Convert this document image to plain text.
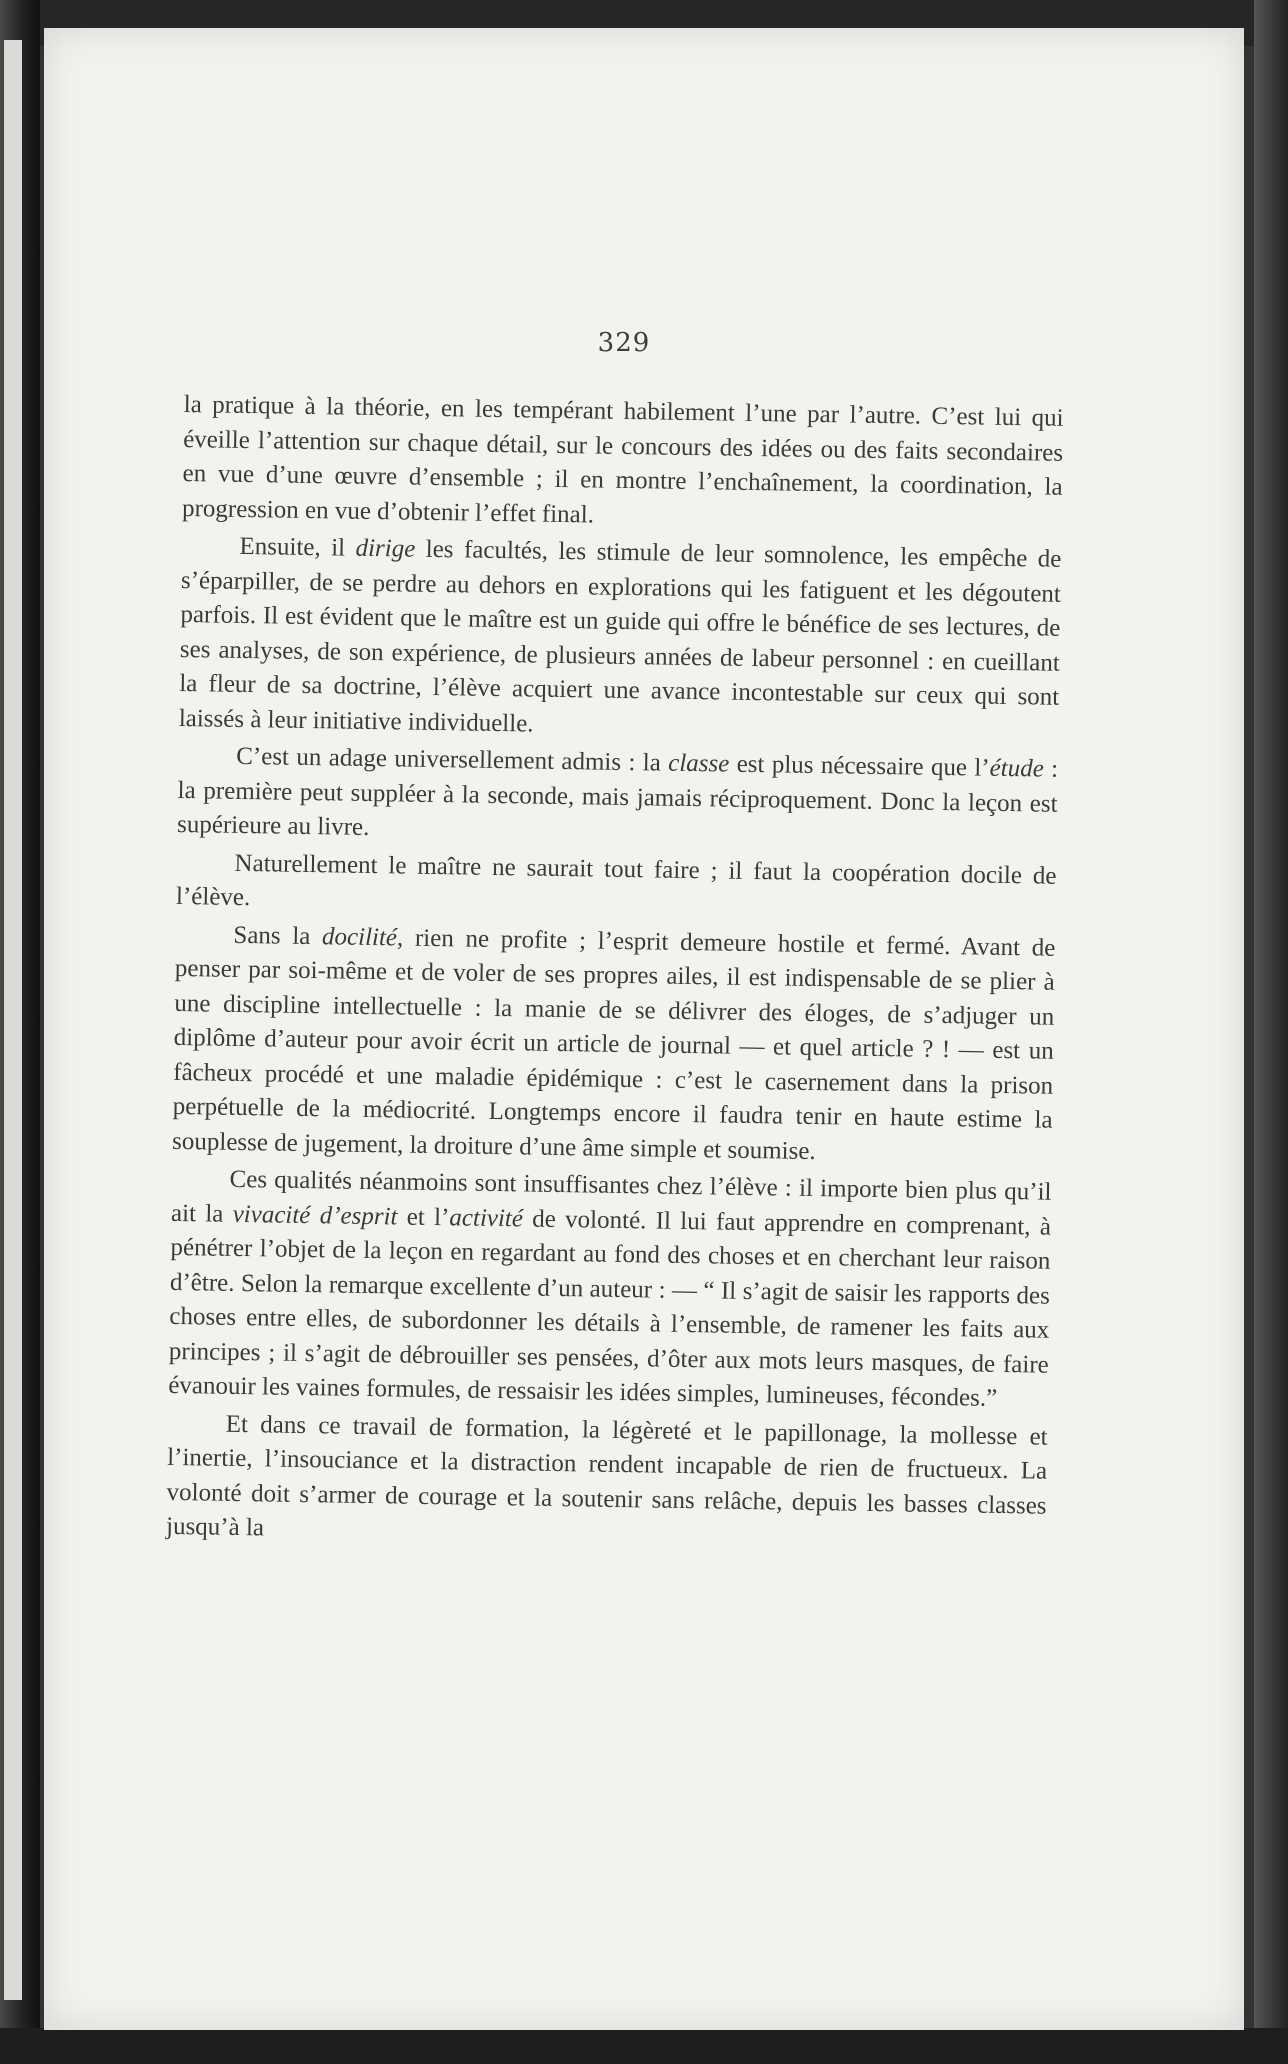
329

la pratique à la théorie, en les tempérant habilement l’une par l’autre. C’est lui qui éveille l’attention sur chaque détail, sur le concours des idées ou des faits secondaires en vue d’une œuvre d’ensemble ; il en montre l’enchaînement, la coordination, la progression en vue d’obtenir l’effet final.

Ensuite, il dirige les facultés, les stimule de leur somnolence, les empêche de s’éparpiller, de se perdre au dehors en explorations qui les fatiguent et les dégoutent parfois. Il est évident que le maître est un guide qui offre le bénéfice de ses lectures, de ses analyses, de son expérience, de plusieurs années de labeur personnel : en cueillant la fleur de sa doctrine, l’élève acquiert une avance incontestable sur ceux qui sont laissés à leur initiative individuelle.

C’est un adage universellement admis : la classe est plus nécessaire que l’étude : la première peut suppléer à la seconde, mais jamais réciproquement. Donc la leçon est supérieure au livre.

Naturellement le maître ne saurait tout faire ; il faut la coopération docile de l’élève.

Sans la docilité, rien ne profite ; l’esprit demeure hostile et fermé. Avant de penser par soi-même et de voler de ses propres ailes, il est indispensable de se plier à une discipline intellectuelle : la manie de se délivrer des éloges, de s’adjuger un diplôme d’auteur pour avoir écrit un article de journal — et quel article ? ! — est un fâcheux procédé et une maladie épidémique : c’est le casernement dans la prison perpétuelle de la médiocrité. Longtemps encore il faudra tenir en haute estime la souplesse de jugement, la droiture d’une âme simple et soumise.

Ces qualités néanmoins sont insuffisantes chez l’élève : il importe bien plus qu’il ait la vivacité d’esprit et l’activité de volonté. Il lui faut apprendre en comprenant, à pénétrer l’objet de la leçon en regardant au fond des choses et en cherchant leur raison d’être. Selon la remarque excellente d’un auteur : — “ Il s’agit de saisir les rapports des choses entre elles, de subordonner les détails à l’ensemble, de ramener les faits aux principes ; il s’agit de débrouiller ses pensées, d’ôter aux mots leurs masques, de faire évanouir les vaines formules, de ressaisir les idées simples, lumineuses, fécondes.”

Et dans ce travail de formation, la légèreté et le papillonage, la mollesse et l’inertie, l’insouciance et la distraction rendent incapable de rien de fructueux. La volonté doit s’armer de courage et la soutenir sans relâche, depuis les basses classes jusqu’à la
